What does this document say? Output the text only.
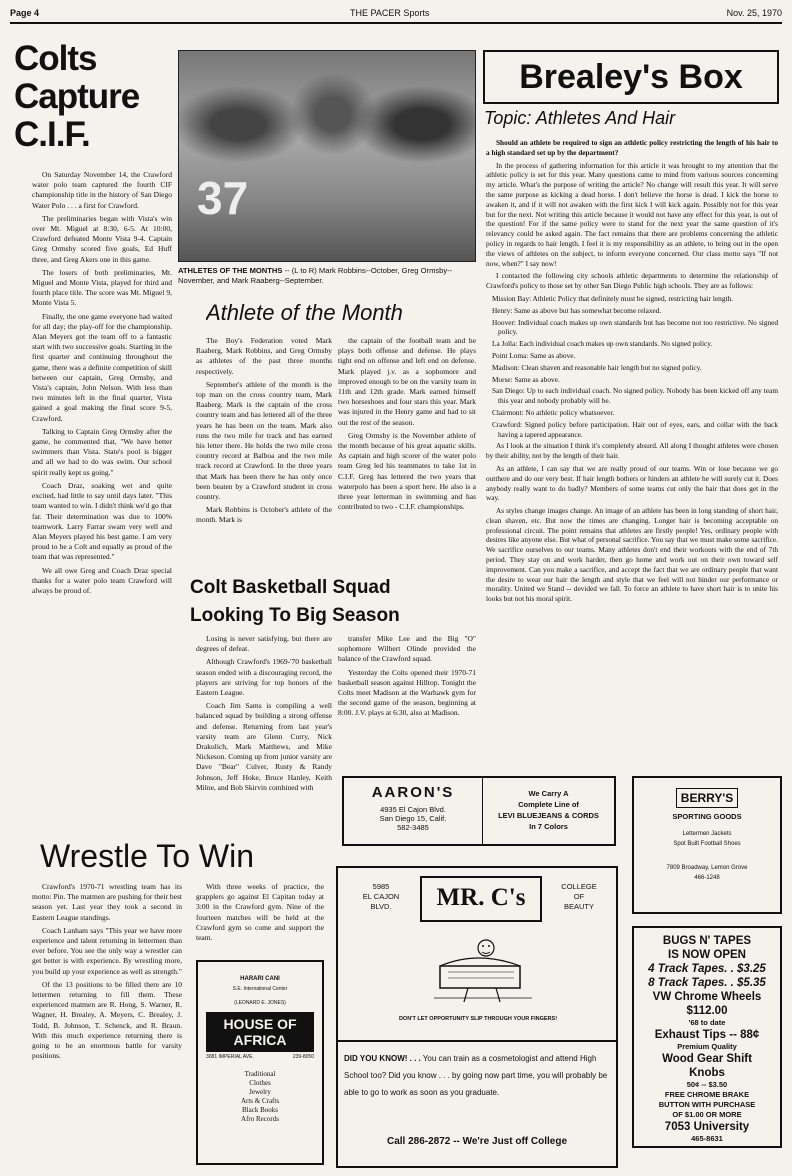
Page 4	THE PACER Sports	Nov. 25, 1970
Colts Capture C.I.F.

On Saturday November 14, the Crawford water polo team captured the fourth CIF championship title in the history of San Diego Water Polo . . . a first for Crawford.

The preliminaries began with Vista's win over Mt. Miguel at 8:30, 6-5. At 10:00, Crawford defeated Monte Vista 9-4. Captain Greg Ormsby scored five goals, Ed Huff three, and Greg Akers one in this game.

The losers of both preliminaries, Mt. Miguel and Monte Vista, played for third and fourth place title. The score was Mt. Miguel 9, Monte Vista 5.

Finally, the one game everyone had waited for all day; the play-off for the championship. Alan Meyers got the team off to a fantastic start with two successive goals. Starting in the first quarter and continuing throughout the game, there was a definite competition of skill between our captain, Greg Ormsby, and Vista's captain, John Nelson. With less than two minutes left in the final quarter, Vista gained a goal making the final score 9-5, Crawford.

Talking to Captain Greg Ormsby after the game, he commented that, "We have better swimmers than Vista. State's pool is bigger and all we had to do was swim. Our school spirit really kept us going."

Coach Draz, soaking wet and quite excited, had little to say until days later. "This team wanted to win. I didn't think we'd go that far. Their determination was due to 100% teamwork. Larry Farrar swam very well and Alan Meyers played his best game. I am very proud to be a Colt and equally as proud of the team that was represented."

We all owe Greg and Coach Draz special thanks for a water polo team Crawford will always be proud of.

37
ATHLETES OF THE MONTHS -- (L to R) Mark Robbins--October, Greg Ormsby--November, and Mark Raaberg--September.
Athlete of the Month

The Boy's Federation voted Mark Raaberg, Mark Robbins, and Greg Ormsby as athletes of the past three months respectively.

September's athlete of the month is the top man on the cross country team, Mark Raaberg. Mark is the captain of the cross country team and has lettered all of the three years he has been on the team. Mark also runs the two mile for track and has earned his letter there. He holds the two mile cross country record at Balboa and the two mile track record at Crawford. In the three years that Mark has been there he has only once been beaten by a Crawford student in cross country.

Mark Robbins is October's athlete of the month. Mark is

the captain of the football team and he plays both offense and defense. He plays tight end on offense and left end on defense. Mark played j.v. as a sophomore and improved enough to be on the varsity team in 11th and 12th grade. Mark earned himself two horseshoes and four stars this year. Mark was injured in the Henry game and had to sit out the rest of the season.

Greg Ormsby is the November athlete of the month because of his great aquatic skills. As captain and high scorer of the water polo team Greg led his teammates to take 1st in C.I.F. Greg has lettered the two years that waterpolo has been a sport here. He also is a three year letterman in swimming and has contributed to two - C.I.F. championships.

Brealey's Box
Topic: Athletes And Hair

Should an athlete be required to sign an athletic policy restricting the length of his hair to a high standard set up by the department?

In the process of gathering information for this article it was brought to my attention that the athletic policy is set for this year. Many questions came to mind from various sources concerning my article. What's the purpose of writing the article? No change will result this year. It will serve the same purpose as kicking a dead horse. I don't believe the horse is dead. I kick the horse to awaken it, and if it will not awaken with the first kick I will kick again. Possibly not for this year but for the next. Not writing this article because it would not have any effect for this year, is out of the question! For if the same policy were to stand for the next year the same question of it's relevancy could be asked again. The fact remains that there are problems concerning the athletic policy in regards to hair length. I feel it is my responsibility as an athlete, to bring out in the open the views of athletes on the subject, to inform everyone concerned. Our class motto says "If not now, when?" I say now!

I contacted the following city schools athletic departments to determine the relationship of Crawford's policy to those set by other San Diego Public high schools. They are as follows:

Mission Bay: Athletic Policy that definitely must be signed, restricting hair length.
Henry: Same as above but has somewhat become relaxed.
Hoover: Individual coach makes up own standards but has become not too restrictive. No signed policy.
La Jolla: Each individual coach makes up own standards. No signed policy.
Point Loma: Same as above.
Madison: Clean shaven and reasonable hair length but no signed policy.
Morse: Same as above.
San Diego: Up to each individual coach. No signed policy. Nobody has been kicked off any team this year and nobody probably will be.
Clairmont: No athletic policy whatsoever.
Crawford: Signed policy before participation. Hair out of eyes, ears, and collar with the back having a tapered appearance.

As I look at the situation I think it's completely absurd. All along I thought athletes were chosen by their ability, not by the length of their hair.

As an athlete, I can say that we are really proud of our teams. Win or lose because we go outthere and do our very best. If hair length bothers or hinders an athlete he will surely cut it. Does anybody really want to do badly? Members of some teams cut only the hair that does get in the way.

As styles change images change. An image of an athlete has been in long standing of short hair, clean shaven, etc. But now the times are changing. Longer hair is becoming acceptable on professional circuit. The point remains that athletes are firstly people! Yes, ordinary people with desires like anyone else. But what of personal sacrifice. You say that we must make some sacrifice. We sacrifice ourselves to our teams. Many athletes don't end their workouts with the end of 7th period. They stay on and work harder, then go home and work out on their own toward self improvement. Can you make a sacrifice, and accept the fact that we are ordinary people that want the desire to wear our hair the length and style that we feel will not hinder our performance or morality. United we Stand -- devided we fall. To force an athlete to have short hair is to unite his looks but not his moral spirit.

Colt Basketball Squad
Looking To Big Season

Losing is never satisfying, but there are degrees of defeat.

Although Crawford's 1969-'70 basketball season ended with a discouraging record, the players are striving for top honors of the Eastern League.

Coach Jim Sams is compiling a well balanced squad by building a strong offense and defense. Returning from last year's varsity team are Glenn Curry, Nick Drakulich, Mark Matthews, and Mike Nickeson. Coming up from junior varsity are Dave "Bear" Culver, Rusty & Randy Johnson, Jeff Hoke, Bruce Hanley, Keith Milne, and Bob Skirvin combined with

transfer Mike Lee and the Big "O" sophomore Wilbert Olinde provided the balance of the Crawford squad.

Yesterday the Colts opened their 1970-71 basketball season against Hilltop. Tonight the Colts meet Madison at the Warhawk gym for the second game of the season, beginning at 8:00. J.V. plays at 6:30, also at Madison.

Wrestle To Win

Crawford's 1970-71 wrestling team has its motto: Pin. The matmen are pushing for their best season yet. Last year they took a second in Eastern League standings.

Coach Lanham says "This year we have more experience and talent returning in lettermen than ever before. You see the only way a wrestler can get better is with experience. By wrestling more, you build up your experience as well as strength."

Of the 13 positions to be filled there are 10 lettermen returning to fill them. These experienced matmen are R. Hong, S. Warner, R. Wagner, H. Brealey, A. Meyers, C. Brealey, J. Todd, B. Johnson, T. Schenck, and R. Braun. With this much experience returning there is going to be an enormous battle for varsity positions.

With three weeks of practice, the grapplers go against El Capitan today at 3:00 in the Crawford gym. Nine of the fourteen matches will be held at the Crawford gym so come and support the team.

HARARI CANI
S.E. International Center
(LEONARD E. JONES)
HOUSE OF AFRICA
3081 IMPERIAL AVE.	239-8050
Traditional
Clothes
Jewelry
Arts & Crafts
Black Books
Afro Records
AARON'S
4935 El Cajon Blvd.
San Diego 15, Calif.
582-3485
We Carry A
Complete Line of
LEVI BLUEJEANS & CORDS
In 7 Colors
BERRY'S
SPORTING GOODS
Lettermen Jackets
Spot Built Football Shoes
7809 Broadway, Lemon Grove
466-1248
5985
EL CAJON
BLVD.	MR. C's	COLLEGE
OF
BEAUTY
DON'T LET OPPORTUNITY SLIP THROUGH YOUR FINGERS!
DID YOU KNOW! . . . You can train as a cosmetologist and attend High School too? Did you know . . . by going now part time, you will probably be able to go to work as soon as you graduate.
Call 286-2872 -- We're Just off College
BUGS N' TAPES
IS NOW OPEN
4 Track Tapes. . $3.25
8 Track Tapes. . $5.35
VW Chrome Wheels
$112.00
'68 to date
Exhaust Tips -- 88¢
Premium Quality
Wood Gear Shift
Knobs
50¢ -- $3.50
FREE CHROME BRAKE
BUTTON WITH PURCHASE
OF $1.00 OR MORE
7053 University
465-8631
